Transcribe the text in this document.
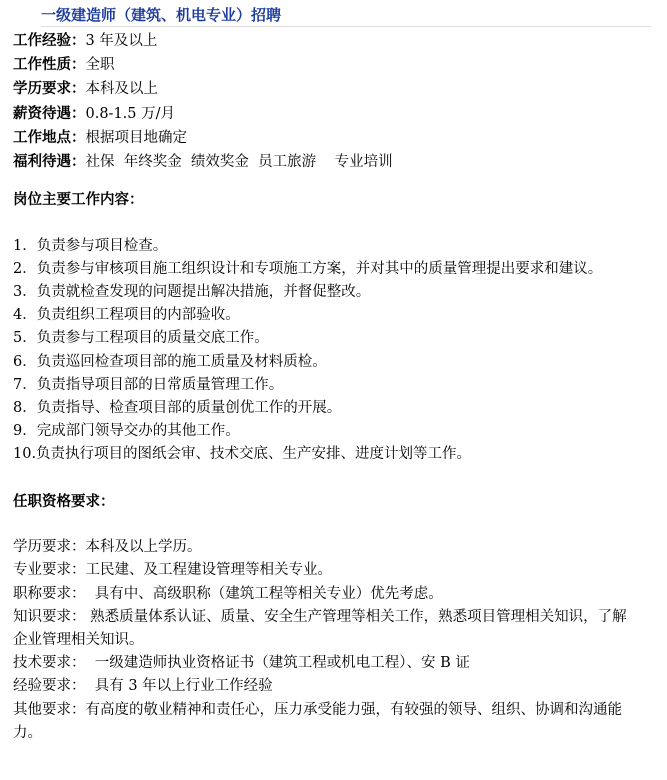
一级建造师（建筑、机电专业）招聘
工作经验：3 年及以上
工作性质：全职
学历要求：本科及以上
薪资待遇：0.8-1.5 万/月
工作地点：根据项目地确定
福利待遇：社保  年终奖金  绩效奖金  员工旅游    专业培训
岗位主要工作内容：
1．负责参与项目检查。
2．负责参与审核项目施工组织设计和专项施工方案，并对其中的质量管理提出要求和建议。
3．负责就检查发现的问题提出解决措施，并督促整改。
4．负责组织工程项目的内部验收。
5．负责参与工程项目的质量交底工作。
6．负责巡回检查项目部的施工质量及材料质检。
7．负责指导项目部的日常质量管理工作。
8．负责指导、检查项目部的质量创优工作的开展。
9．完成部门领导交办的其他工作。
10.负责执行项目的图纸会审、技术交底、生产安排、进度计划等工作。
任职资格要求：
学历要求：本科及以上学历。
专业要求：工民建、及工程建设管理等相关专业。
职称要求：  具有中、高级职称（建筑工程等相关专业）优先考虑。
知识要求： 熟悉质量体系认证、质量、安全生产管理等相关工作，熟悉项目管理相关知识，了解企业管理相关知识。
技术要求：  一级建造师执业资格证书（建筑工程或机电工程）、安 B 证
经验要求：  具有 3 年以上行业工作经验
其他要求：有高度的敬业精神和责任心，压力承受能力强，有较强的领导、组织、协调和沟通能力。
